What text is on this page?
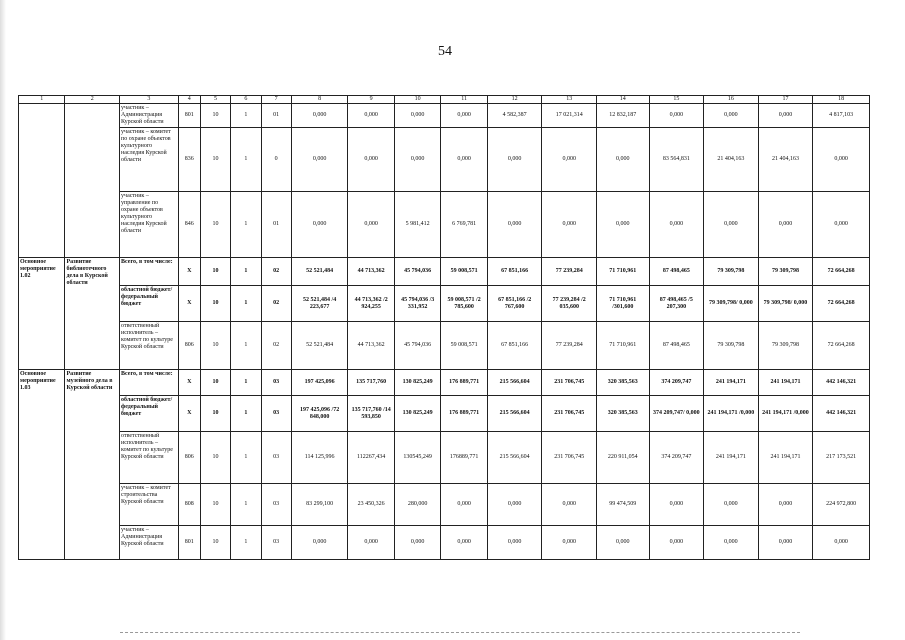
54
1	2	3	4	5	6	7	8	9	10	11	12	13	14	15	16	17	18
		участник – Администрация Курской области	801	10	1	01	0,000	0,000	0,000	0,000	4 582,387	17 021,314	12 832,187	0,000	0,000	0,000	4 817,103
		участник – комитет по охране объектов культурного наследия Курской области	836	10	1	0	0,000	0,000	0,000	0,000	0,000	0,000	0,000	83 564,831	21 404,163	21 404,163	0,000
		участник – управление по охране объектов культурного наследия Курской области	846	10	1	01	0,000	0,000	5 981,412	6 769,781	0,000	0,000	0,000	0,000	0,000	0,000	0,000
Основное мероприятие 1.02	Развитие библиотечного дела в Курской области	Всего, в том числе:	X	10	1	02	52 521,484	44 713,362	45 794,036	59 008,571	67 851,166	77 239,284	71 710,961	87 498,465	79 309,798	79 309,798	72 664,268
		областной бюджет/ федеральный бюджет	X	10	1	02	52 521,484 /4 223,677	44 713,362 /2 924,255	45 794,036 /3 331,952	59 008,571 /2 785,600	67 851,166 /2 767,600	77 239,284 /2 035,600	71 710,961 /301,600	87 498,465 /5 207,300	79 309,798/ 0,000	79 309,798/ 0,000	72 664,268
		ответственный исполнитель – комитет по культуре Курской области	806	10	1	02	52 521,484	44 713,362	45 794,036	59 008,571	67 851,166	77 239,284	71 710,961	87 498,465	79 309,798	79 309,798	72 664,268
Основное мероприятие 1.03	Развитие музейного дела в Курской области	Всего, в том числе:	X	10	1	03	197 425,096	135 717,760	130 825,249	176 889,771	215 566,604	231 706,745	320 385,563	374 209,747	241 194,171	241 194,171	442 146,321
		областной бюджет/ федеральный бюджет	X	10	1	03	197 425,096 /72 848,000	135 717,760 /14 593,850	130 825,249	176 889,771	215 566,604	231 706,745	320 385,563	374 209,747/ 0,000	241 194,171 /0,000	241 194,171 /0,000	442 146,321
		ответственный исполнитель – комитет по культуре Курской области	806	10	1	03	114 125,996	112267,434	130545,249	176889,771	215 566,604	231 706,745	220 911,054	374 209,747	241 194,171	241 194,171	217 173,521
		участник – комитет строительства Курской области	808	10	1	03	83 299,100	23 450,326	280,000	0,000	0,000	0,000	99 474,509	0,000	0,000	0,000	224 972,800
		участник – Администрация Курской области	801	10	1	03	0,000	0,000	0,000	0,000	0,000	0,000	0,000	0,000	0,000	0,000	0,000
